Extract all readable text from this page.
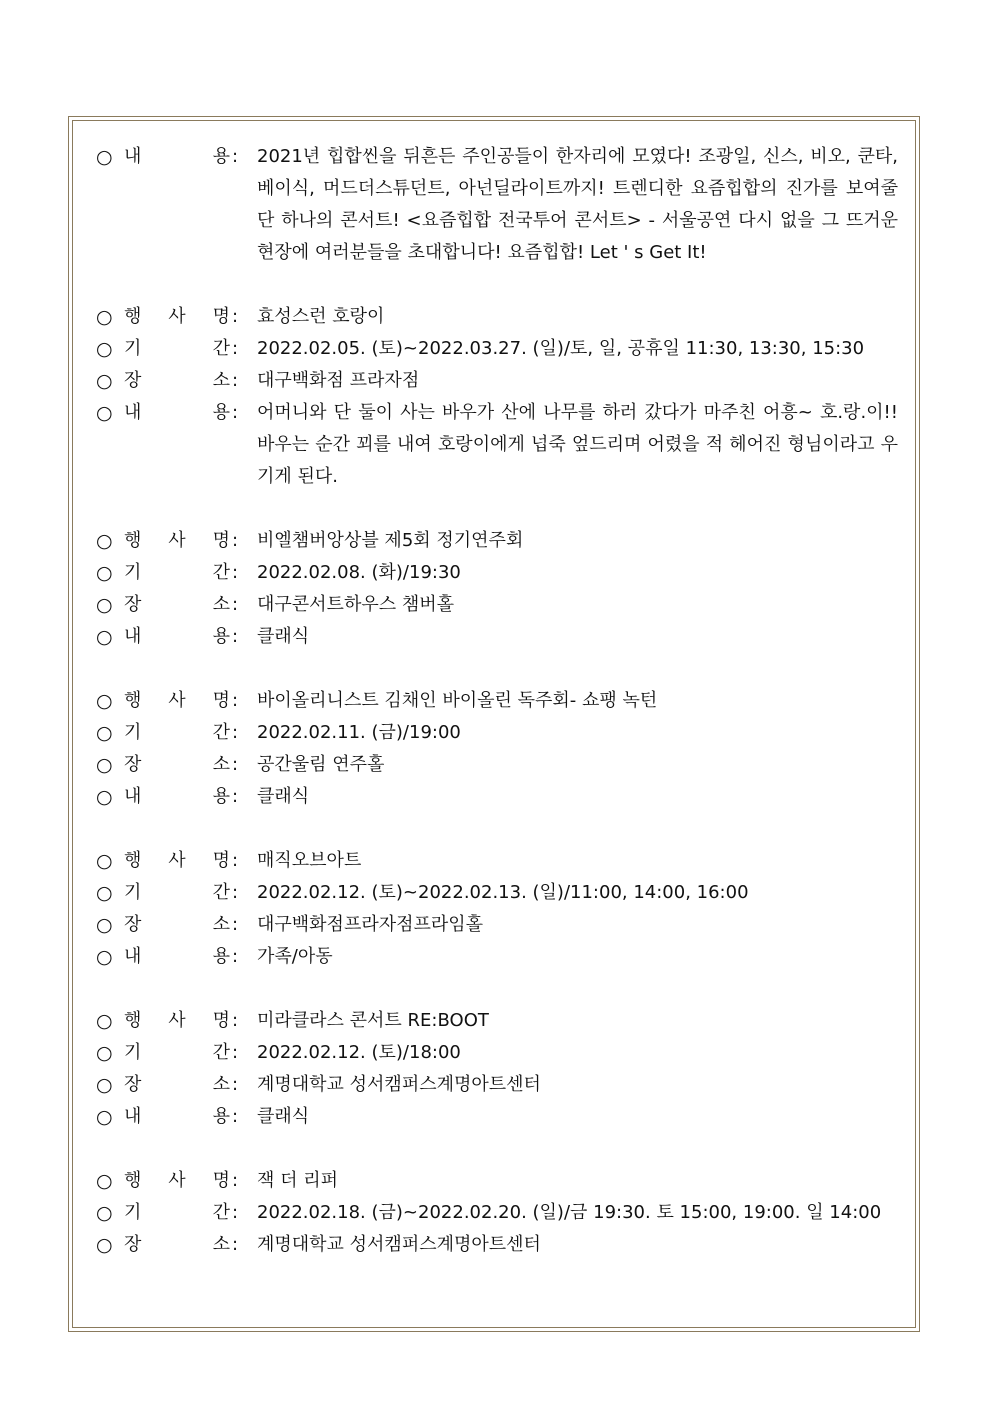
○ 내	용 :	2021년 힙합씬을 뒤흔든 주인공들이 한자리에 모였다! 조광일, 신스, 비오, 쿤타, 베이식, 머드더스튜던트, 아넌딜라이트까지! 트렌디한 요즘힙합의 진가를 보여줄 단 하나의 콘서트! <요즘힙합 전국투어 콘서트> - 서울공연 다시 없을 그 뜨거운 현장에 여러분들을 초대합니다! 요즘힙합! Let ' s Get It!
○ 행 사 명 :	효성스런 호랑이
○ 기	간 :	2022.02.05. (토)~2022.03.27. (일)/토, 일, 공휴일 11:30, 13:30, 15:30
○ 장	소 :	대구백화점 프라자점
○ 내	용 :	어머니와 단 둘이 사는 바우가 산에 나무를 하러 갔다가 마주친 어흥~ 호.랑.이!! 바우는 순간 꾀를 내여 호랑이에게 넙죽 엎드리며 어렸을 적 헤어진 형님이라고 우기게 된다.
○ 행 사 명 :	비엘챔버앙상블 제5회 정기연주회
○ 기	간 :	2022.02.08. (화)/19:30
○ 장	소 :	대구콘서트하우스 챔버홀
○ 내	용 :	클래식
○ 행 사 명 :	바이올리니스트 김채인 바이올린 독주회- 쇼팽 녹턴
○ 기	간 :	2022.02.11. (금)/19:00
○ 장	소 :	공간울림 연주홀
○ 내	용 :	클래식
○ 행 사 명 :	매직오브아트
○ 기	간 :	2022.02.12. (토)~2022.02.13. (일)/11:00, 14:00, 16:00
○ 장	소 :	대구백화점프라자점프라임홀
○ 내	용 :	가족/아동
○ 행 사 명 :	미라클라스 콘서트 RE:BOOT
○ 기	간 :	2022.02.12. (토)/18:00
○ 장	소 :	계명대학교 성서캠퍼스계명아트센터
○ 내	용 :	클래식
○ 행 사 명 :	잭 더 리퍼
○ 기	간 :	2022.02.18. (금)~2022.02.20. (일)/금 19:30. 토 15:00, 19:00. 일 14:00
○ 장	소 :	계명대학교 성서캠퍼스계명아트센터
